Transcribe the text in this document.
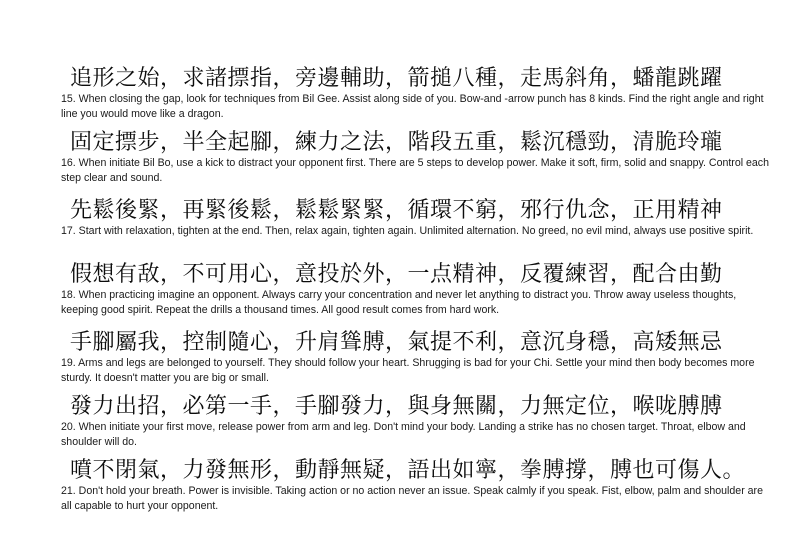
追形之始，求諸摽指，旁邊輔助，箭搥八種，走馬斜角，蟠龍跳躍
15. When closing the gap, look for techniques from Bil Gee. Assist along side of you. Bow-and -arrow punch has 8 kinds. Find the right angle and right line you would move like a dragon.
固定摽步，半全起腳，練力之法，階段五重，鬆沉穩勁，清脆玲瓏
16. When initiate Bil Bo, use a kick to distract your opponent first. There are 5 steps to develop power. Make it soft, firm, solid and snappy. Control each step clear and sound.
先鬆後緊，再緊後鬆，鬆鬆緊緊，循環不窮，邪行仇念，正用精神
17. Start with relaxation, tighten at the end. Then, relax again, tighten again. Unlimited alternation. No greed, no evil mind, always use positive spirit.
假想有敌，不可用心，意投於外，一点精神，反覆練習，配合由勤
18. When practicing imagine an opponent. Always carry your concentration and never let anything to distract you. Throw away useless thoughts, keeping good spirit. Repeat the drills a thousand times. All good result comes from hard work.
手腳屬我，控制隨心，升肩聳膊，氣提不利，意沉身穩，高矮無忌
19. Arms and legs are belonged to yourself. They should follow your heart. Shrugging is bad for your Chi. Settle your mind then body becomes more sturdy. It doesn't matter you are big or small.
發力出招，必第一手，手腳發力，與身無關，力無定位，喉咙膊膊
20. When initiate your first move, release power from arm and leg. Don't mind your body. Landing a strike has no chosen target. Throat, elbow and shoulder will do.
噴不閉氣，力發無形，動靜無疑，語出如寧，拳膊撐，膊也可傷人。
21. Don't hold your breath. Power is invisible. Taking action or no action never an issue. Speak calmly if you speak. Fist, elbow, palm and shoulder are all capable to hurt your opponent.
